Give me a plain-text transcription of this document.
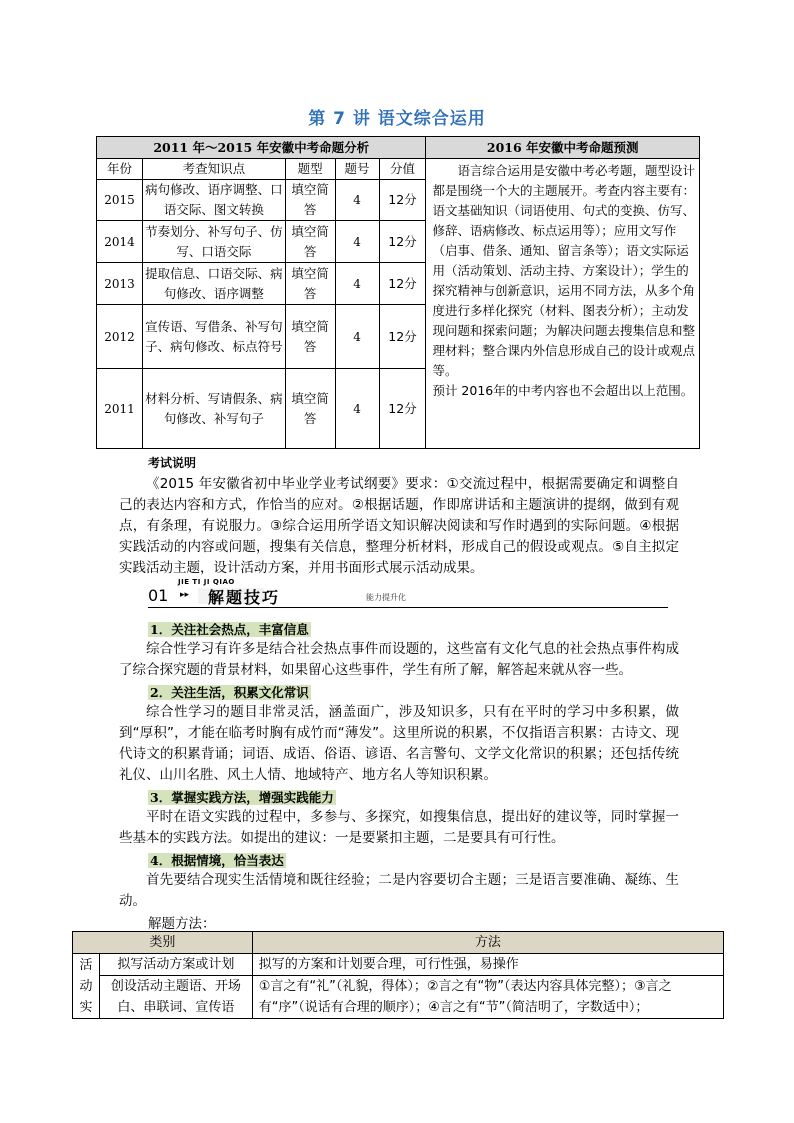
第 7 讲 语文综合运用
2011 年～2015 年安徽中考命题分析					2016 年安徽中考命题预测
年份	考查知识点	题型	题号	分值	　　语言综合运用是安徽中考必考题，题型设计都是围绕一个大的主题展开。考查内容主要有：语文基础知识（词语使用、句式的变换、仿写、修辞、语病修改、标点运用等）；应用文写作（启事、借条、通知、留言条等）；语文实际运用（活动策划、活动主持、方案设计）；学生的探究精神与创新意识，运用不同方法，从多个角度进行多样化探究（材料、图表分析）；主动发现问题和探索问题；为解决问题去搜集信息和整理材料；整合课内外信息形成自己的设计或观点等。
预计 2016年的中考内容也不会超出以上范围。
2015	病句修改、语序调整、口语交际、图文转换	填空简答	4	12分	
2014	节奏划分、补写句子、仿写、口语交际	填空简答	4	12分	
2013	提取信息、口语交际、病句修改、语序调整	填空简答	4	12分	
2012	宣传语、写借条、补写句子、病句修改、标点符号	填空简答	4	12分	
2011	材料分析、写请假条、病句修改、补写句子	填空简答	4	12分	
考试说明
《2015 年安徽省初中毕业学业考试纲要》要求：①交流过程中，根据需要确定和调整自己的表达内容和方式，作恰当的应对。②根据话题，作即席讲话和主题演讲的提纲，做到有观点，有条理，有说服力。③综合运用所学语文知识解决阅读和写作时遇到的实际问题。④根据实践活动的内容或问题，搜集有关信息，整理分析材料，形成自己的假设或观点。⑤自主拟定实践活动主题，设计活动方案，并用书面形式展示活动成果。
01
JIE TI JI QIAO
▸▸ 解题技巧	能力提升化
1．关注社会热点，丰富信息
综合性学习有许多是结合社会热点事件而设题的，这些富有文化气息的社会热点事件构成了综合探究题的背景材料，如果留心这些事件，学生有所了解，解答起来就从容一些。
2．关注生活，积累文化常识
综合性学习的题目非常灵活，涵盖面广，涉及知识多，只有在平时的学习中多积累，做到“厚积”，才能在临考时胸有成竹而“薄发”。这里所说的积累，不仅指语言积累：古诗文、现代诗文的积累背诵；词语、成语、俗语、谚语、名言警句、文学文化常识的积累；还包括传统礼仪、山川名胜、风土人情、地域特产、地方名人等知识积累。
3．掌握实践方法，增强实践能力
平时在语文实践的过程中，多参与、多探究，如搜集信息，提出好的建议等，同时掌握一些基本的实践方法。如提出的建议：一是要紧扣主题，二是要具有可行性。
4．根据情境，恰当表达
首先要结合现实生活情境和既往经验；二是内容要切合主题；三是语言要准确、凝练、生动。
解题方法：
类别		方法
活动实	拟写活动方案或计划	拟写的方案和计划要合理，可行性强，易操作
	创设活动主题语、开场白、串联词、宣传语	①言之有“礼”（礼貌，得体）；②言之有“物”（表达内容具体完整）；③言之有“序”（说话有合理的顺序）；④言之有“节”（简洁明了，字数适中）；
